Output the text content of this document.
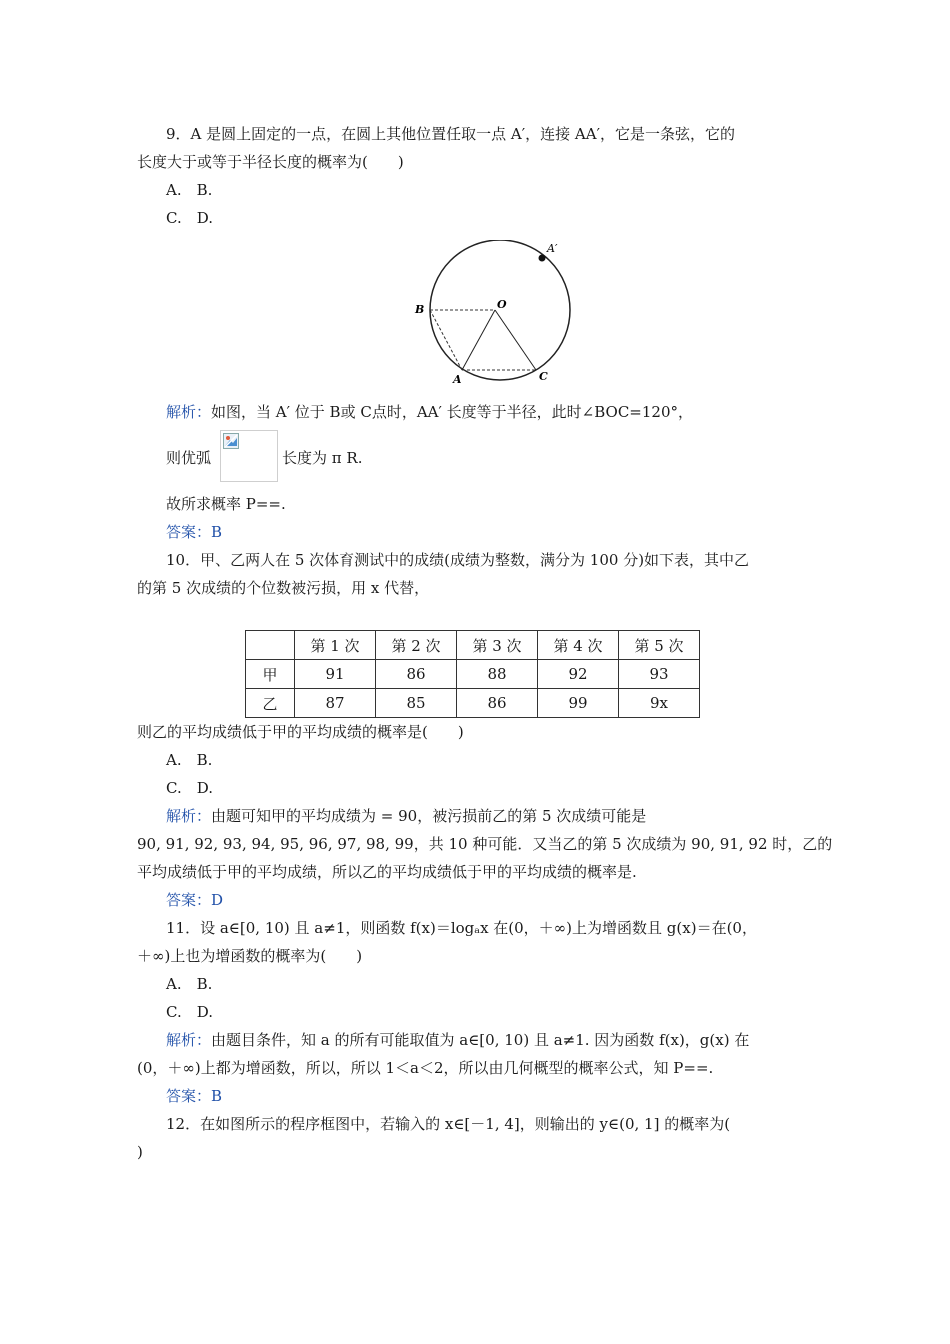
9．A 是圆上固定的一点，在圆上其他位置任取一点 A′，连接 AA′，它是一条弦，它的
长度大于或等于半径长度的概率为(　　)
A.　B.
C.　D.
A′
O
B
A	C
解析：如图，当 A′ 位于 B或 C点时，AA′ 长度等于半径，此时∠BOC=120°，
则优弧	长度为 π R.
故所求概率 P==.
答案：B
10．甲、乙两人在 5 次体育测试中的成绩(成绩为整数，满分为 100 分)如下表，其中乙
的第 5 次成绩的个位数被污损，用 x 代替，
	第 1 次	第 2 次	第 3 次	第 4 次	第 5 次
甲	91	86	88	92	93
乙	87	85	86	99	9x
则乙的平均成绩低于甲的平均成绩的概率是(　　)
A.　B.
C.　D.
解析：由题可知甲的平均成绩为 = 90，被污损前乙的第 5 次成绩可能是
90, 91, 92, 93, 94, 95, 96, 97, 98, 99，共 10 种可能．又当乙的第 5 次成绩为 90, 91, 92 时，乙的
平均成绩低于甲的平均成绩，所以乙的平均成绩低于甲的平均成绩的概率是.
答案：D
11．设 a∈[0, 10) 且 a≠1，则函数 f(x)＝logₐx 在(0，＋∞)上为增函数且 g(x)＝在(0，
＋∞)上也为增函数的概率为(　　)
A.　B.
C.　D.
解析：由题目条件，知 a 的所有可能取值为 a∈[0, 10) 且 a≠1. 因为函数 f(x)，g(x) 在
(0，＋∞)上都为增函数，所以，所以 1＜a＜2，所以由几何概型的概率公式，知 P==.
答案：B
12．在如图所示的程序框图中，若输入的 x∈[－1, 4]，则输出的 y∈(0, 1] 的概率为(
)
